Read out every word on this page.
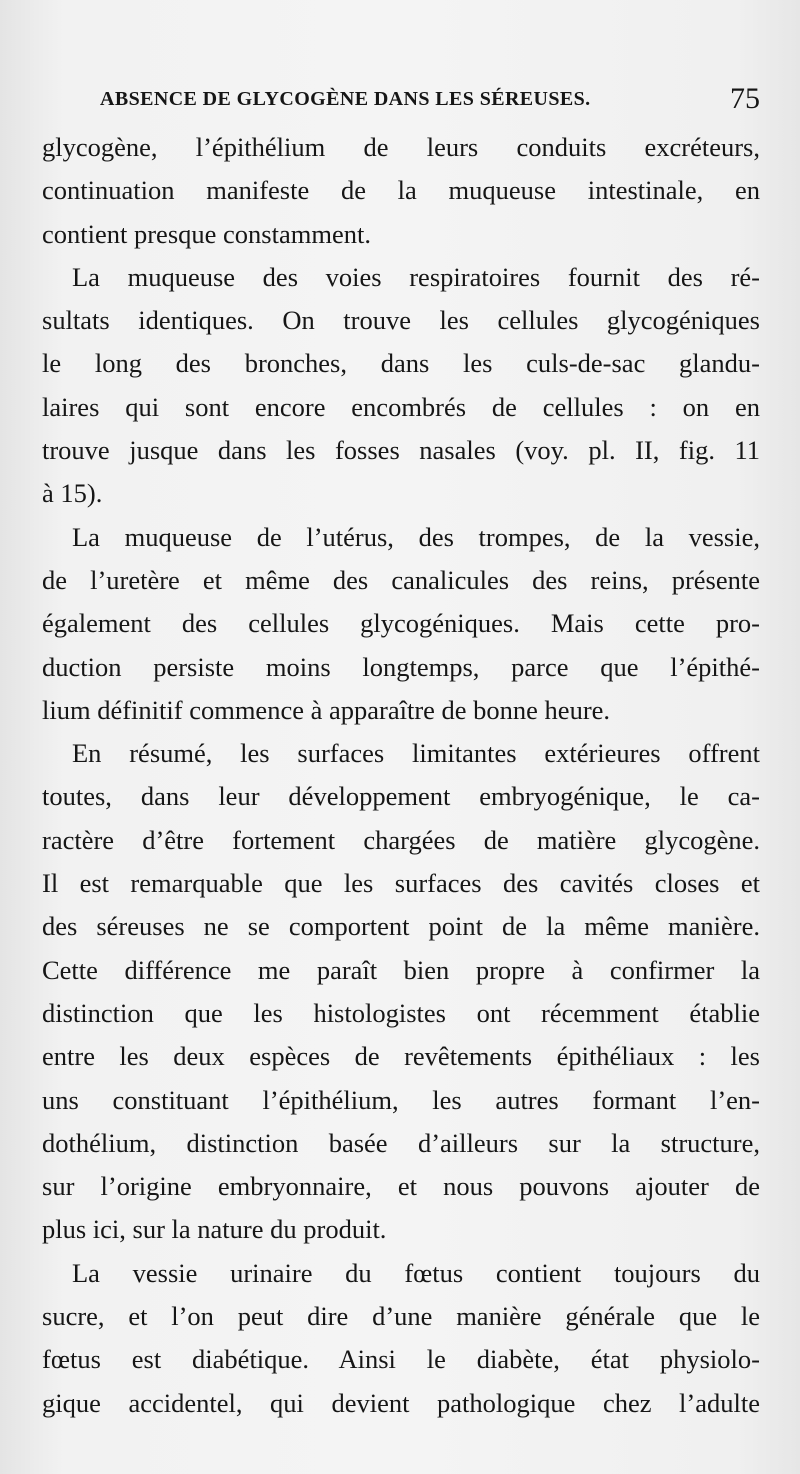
ABSENCE DE GLYCOGÈNE DANS LES SÉREUSES.	75
glycogène, l’épithélium de leurs conduits excréteurs,
continuation manifeste de la muqueuse intestinale, en
contient presque constamment.
La muqueuse des voies respiratoires fournit des ré-
sultats identiques. On trouve les cellules glycogéniques
le long des bronches, dans les culs-de-sac glandu-
laires qui sont encore encombrés de cellules : on en
trouve jusque dans les fosses nasales (voy. pl. II, fig. 11
à 15).
La muqueuse de l’utérus, des trompes, de la vessie,
de l’uretère et même des canalicules des reins, présente
également des cellules glycogéniques. Mais cette pro-
duction persiste moins longtemps, parce que l’épithé-
lium définitif commence à apparaître de bonne heure.
En résumé, les surfaces limitantes extérieures offrent
toutes, dans leur développement embryogénique, le ca-
ractère d’être fortement chargées de matière glycogène.
Il est remarquable que les surfaces des cavités closes et
des séreuses ne se comportent point de la même manière.
Cette différence me paraît bien propre à confirmer la
distinction que les histologistes ont récemment établie
entre les deux espèces de revêtements épithéliaux : les
uns constituant l’épithélium, les autres formant l’en-
dothélium, distinction basée d’ailleurs sur la structure,
sur l’origine embryonnaire, et nous pouvons ajouter de
plus ici, sur la nature du produit.
La vessie urinaire du fœtus contient toujours du
sucre, et l’on peut dire d’une manière générale que le
fœtus est diabétique. Ainsi le diabète, état physiolo-
gique accidentel, qui devient pathologique chez l’adulte
